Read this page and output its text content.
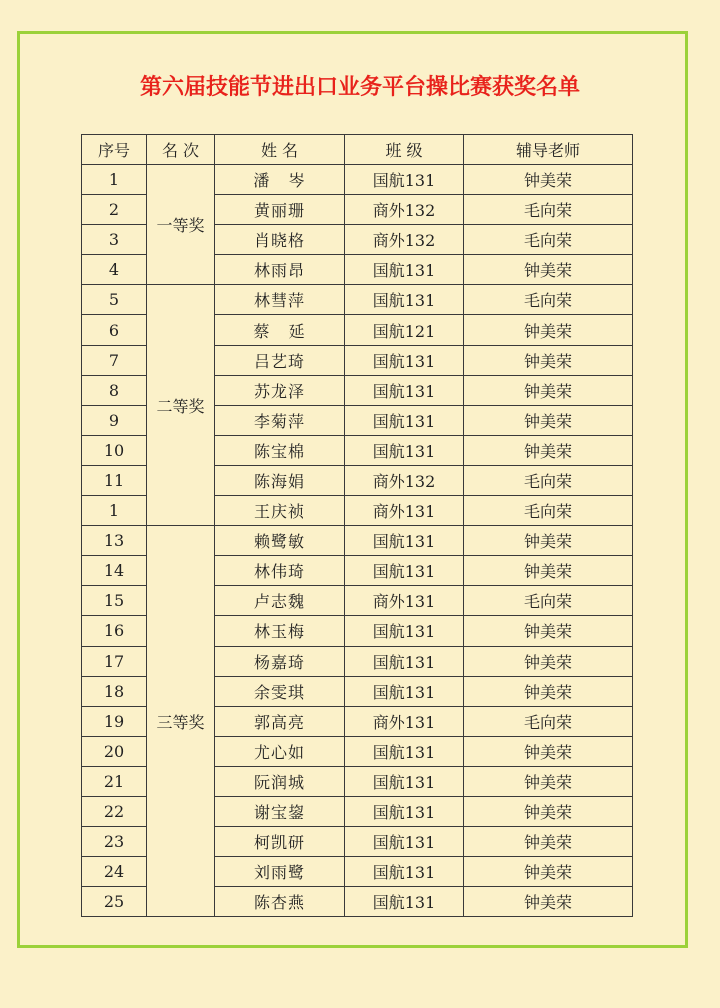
第六届技能节进出口业务平台操比赛获奖名单
序号	名 次	姓 名	班 级	辅导老师
1	一等奖	潘   岑	国航131	钟美荣
2		黄丽珊	商外132	毛向荣
3		肖晓格	商外132	毛向荣
4		林雨昂	国航131	钟美荣
5	二等奖	林彗萍	国航131	毛向荣
6		蔡   延	国航121	钟美荣
7		吕艺琦	国航131	钟美荣
8		苏龙泽	国航131	钟美荣
9		李菊萍	国航131	钟美荣
10		陈宝棉	国航131	钟美荣
11		陈海娟	商外132	毛向荣
1		王庆祯	商外131	毛向荣
13	三等奖	赖鹭敏	国航131	钟美荣
14		林伟琦	国航131	钟美荣
15		卢志魏	商外131	毛向荣
16		林玉梅	国航131	钟美荣
17		杨嘉琦	国航131	钟美荣
18		余雯琪	国航131	钟美荣
19		郭高亮	商外131	毛向荣
20		尤心如	国航131	钟美荣
21		阮润城	国航131	钟美荣
22		谢宝鋆	国航131	钟美荣
23		柯凯研	国航131	钟美荣
24		刘雨鹭	国航131	钟美荣
25		陈杏燕	国航131	钟美荣
